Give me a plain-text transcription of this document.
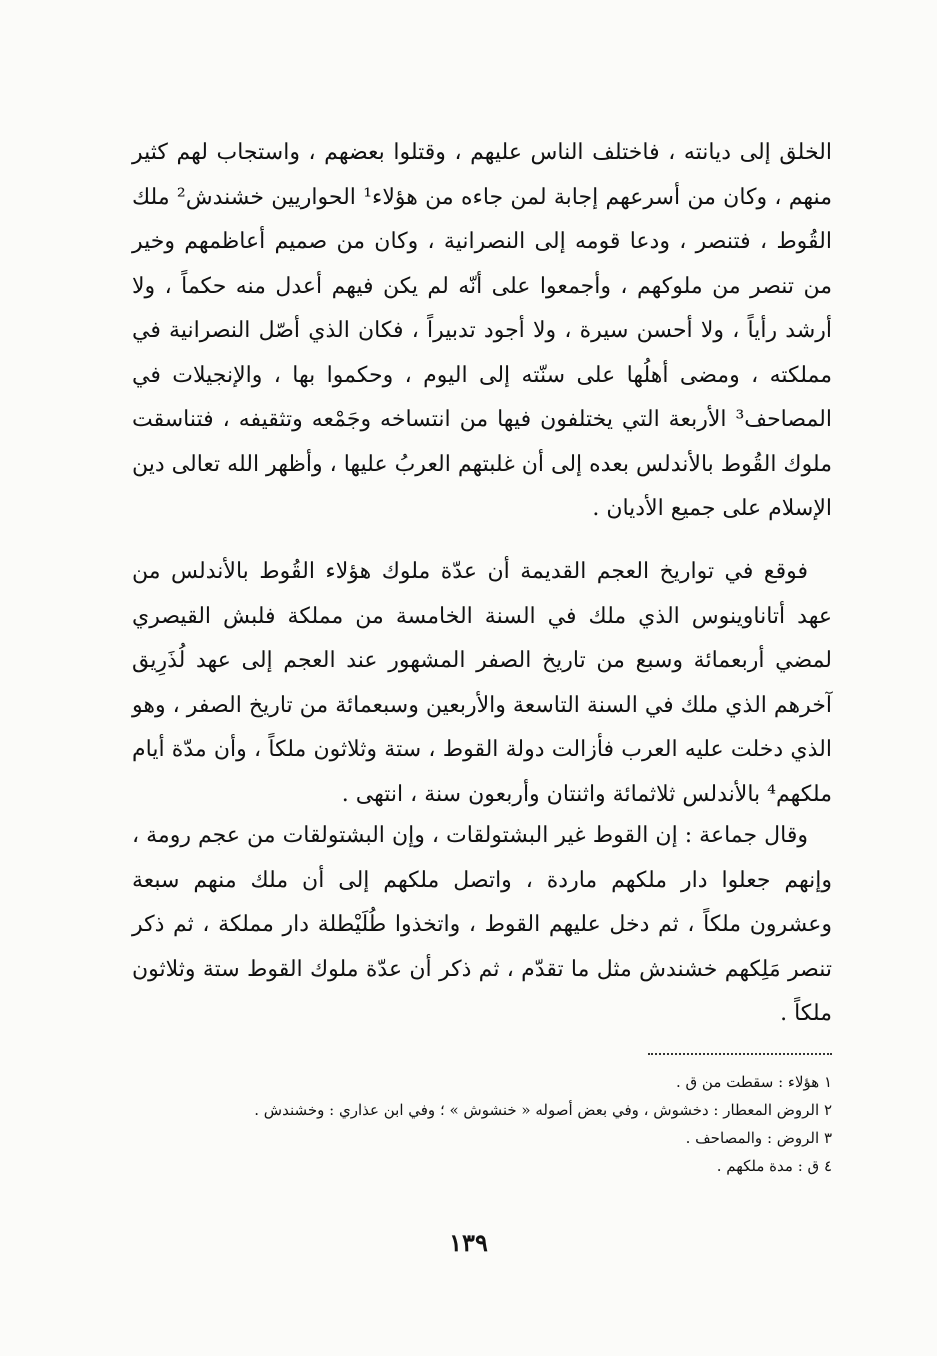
الخلق إلى ديانته ، فاختلف الناس عليهم ، وقتلوا بعضهم ، واستجاب لهم كثير منهم ، وكان من أسرعهم إجابة لمن جاءه من هؤلاء¹ الحواريين خشندش² ملك القُوط ، فتنصر ، ودعا قومه إلى النصرانية ، وكان من صميم أعاظمهم وخير من تنصر من ملوكهم ، وأجمعوا على أنّه لم يكن فيهم أعدل منه حكماً ، ولا أرشد رأياً ، ولا أحسن سيرة ، ولا أجود تدبيراً ، فكان الذي أصّل النصرانية في مملكته ، ومضى أهلُها على سنّته إلى اليوم ، وحكموا بها ، والإنجيلات في المصاحف³ الأربعة التي يختلفون فيها من انتساخه وجَمْعه وتثقيفه ، فتناسقت ملوك القُوط بالأندلس بعده إلى أن غلبتهم العربُ عليها ، وأظهر الله تعالى دين الإسلام على جميع الأديان .

فوقع في تواريخ العجم القديمة أن عدّة ملوك هؤلاء القُوط بالأندلس من عهد أتاناوينوس الذي ملك في السنة الخامسة من مملكة فلبش القيصري لمضي أربعمائة وسبع من تاريخ الصفر المشهور عند العجم إلى عهد لُذَرِيق آخرهم الذي ملك في السنة التاسعة والأربعين وسبعمائة من تاريخ الصفر ، وهو الذي دخلت عليه العرب فأزالت دولة القوط ، ستة وثلاثون ملكاً ، وأن مدّة أيام ملكهم⁴ بالأندلس ثلاثمائة واثنتان وأربعون سنة ، انتهى .

وقال جماعة : إن القوط غير البشتولقات ، وإن البشتولقات من عجم رومة ، وإنهم جعلوا دار ملكهم ماردة ، واتصل ملكهم إلى أن ملك منهم سبعة وعشرون ملكاً ، ثم دخل عليهم القوط ، واتخذوا طُلَيْطلة دار مملكة ، ثم ذكر تنصر مَلِكهم خشندش مثل ما تقدّم ، ثم ذكر أن عدّة ملوك القوط ستة وثلاثون ملكاً .

١ هؤلاء : سقطت من ق .
٢ الروض المعطار : دخشوش ، وفي بعض أصوله « خنشوش » ؛ وفي ابن عذاري : وخشندش .
٣ الروض : والمصاحف .
٤ ق : مدة ملكهم .
١٣٩
